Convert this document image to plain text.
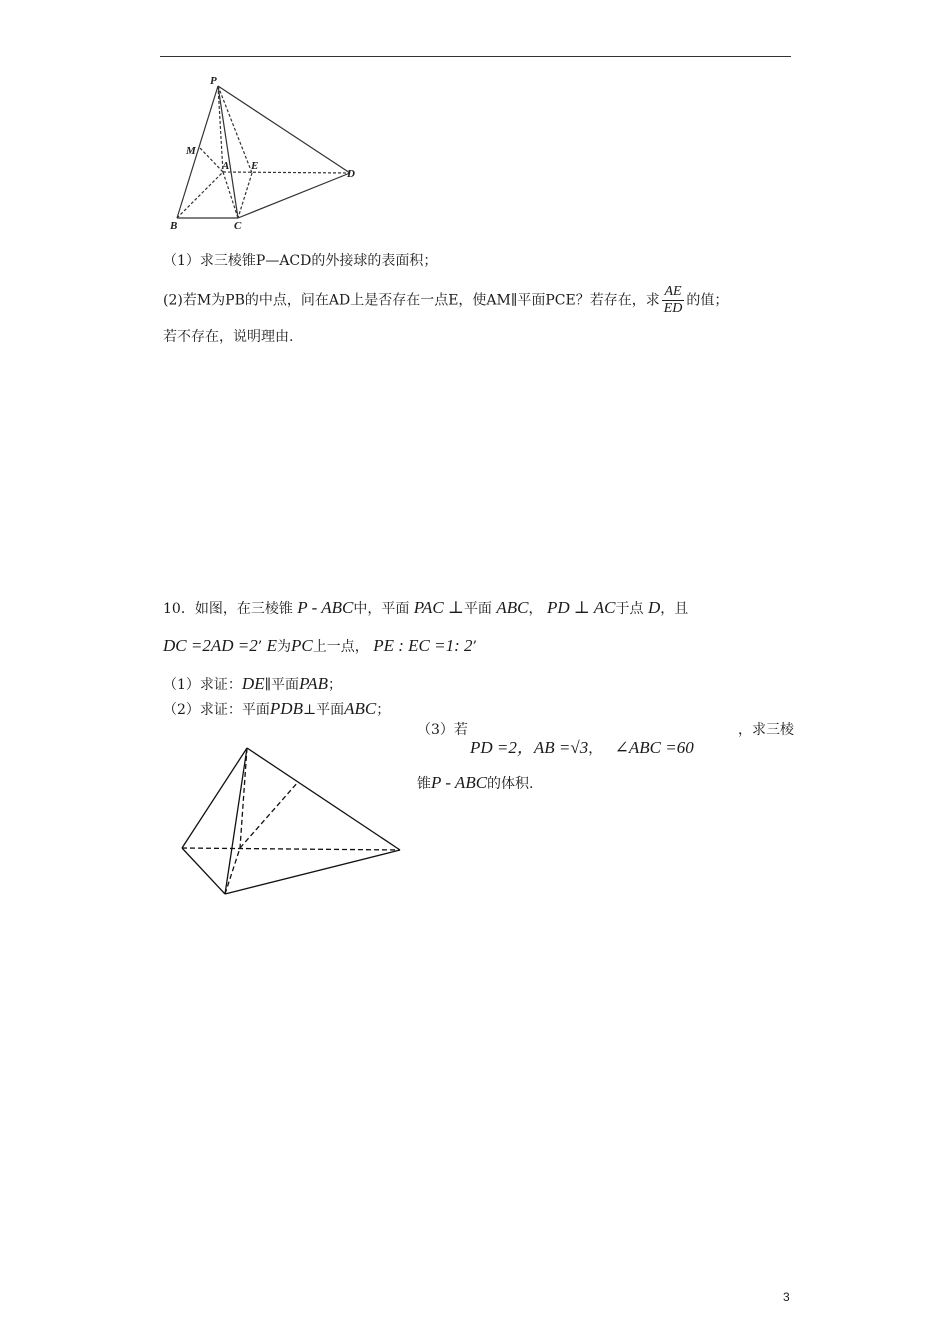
P
M
A E
D
B	C
（1）求三棱锥P—ACD的外接球的表面积；
(2)若M为PB的中点，问在AD上是否存在一点E，使AM∥平面PCE？若存在，求 $\frac{AE}{ED}$ 的值；
若不存在，说明理由.
10．如图，在三棱锥 P - ABC中，平面 PAC ⊥平面 ABC， PD ⊥ AC于点 D，且
DC =2AD =2’ E为PC上一点， PE : EC =1: 2’
（1）求证：DE∥平面PAB；
（2）求证：平面PDB⊥平面ABC；
（3）若
PD =2，AB =√3， ∠ABC =60
，求三棱
锥P - ABC的体积.
3
